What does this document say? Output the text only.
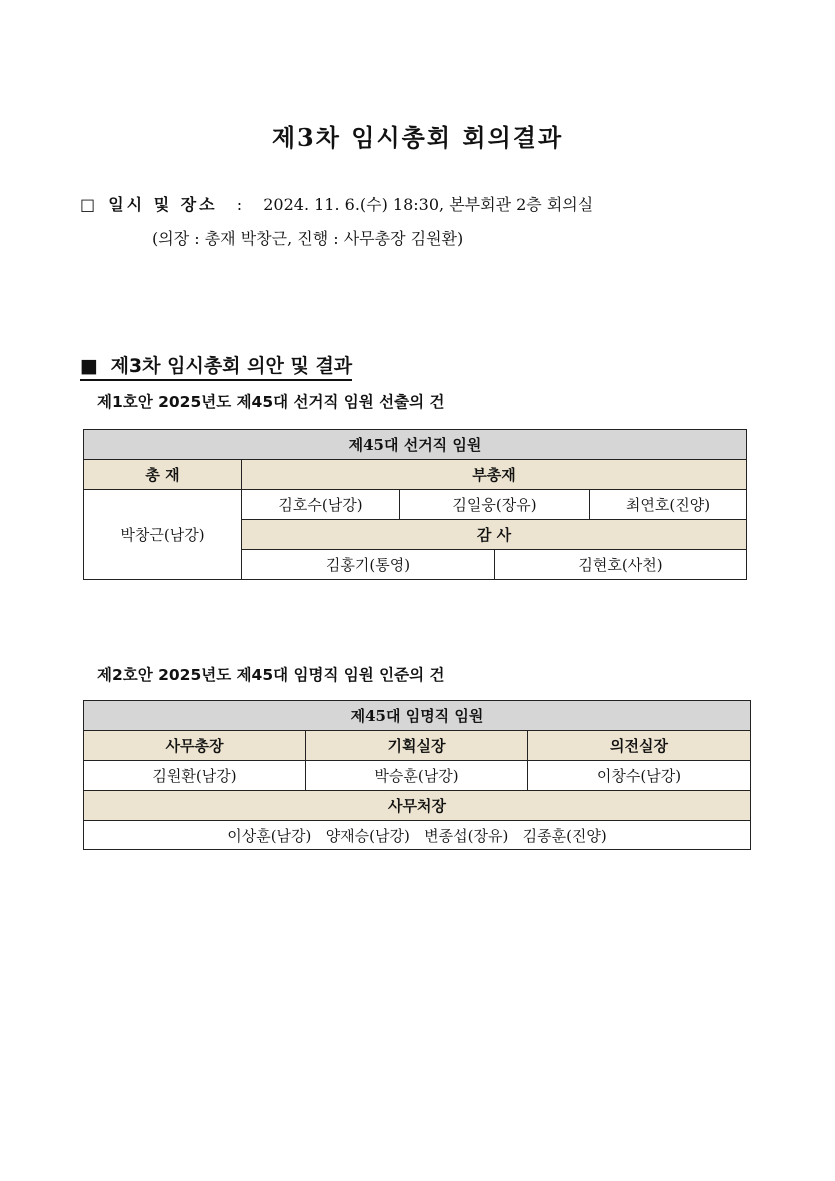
제3차 임시총회 회의결과
□ 일시 및 장소 : 2024. 11. 6.(수) 18:30, 본부회관 2층 회의실
(의장 : 총재 박창근, 진행 : 사무총장 김원환)
■ 제3차 임시총회 의안 및 결과
제1호안 2025년도 제45대 선거직 임원 선출의 건
제45대 선거직 임원				
총 재	부총재			
박창근(남강)	김호수(남강)	김일웅(장유)		최연호(진양)
	감 사			
	김홍기(통영)		김현호(사천)	
제2호안 2025년도 제45대 임명직 임원 인준의 건
제45대 임명직 임원		
사무총장	기획실장	의전실장
김원환(남강)	박승훈(남강)	이창수(남강)
사무처장		
이상훈(남강)   양재승(남강)   변종섭(장유)   김종훈(진양)		
